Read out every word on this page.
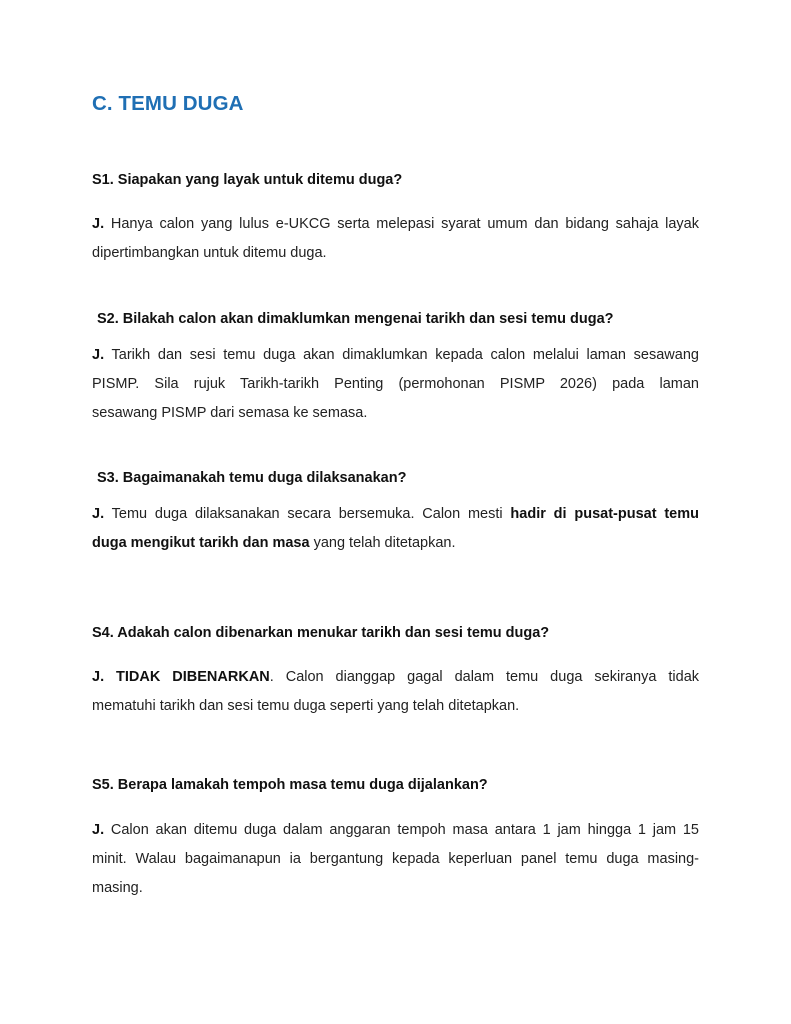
C. TEMU DUGA
S1. Siapakan yang layak untuk ditemu duga?
J. Hanya calon yang lulus e-UKCG serta melepasi syarat umum dan bidang sahaja layak
dipertimbangkan untuk ditemu duga.
S2. Bilakah calon akan dimaklumkan mengenai tarikh dan sesi temu duga?
J. Tarikh dan sesi temu duga akan dimaklumkan kepada calon melalui laman sesawang
PISMP. Sila rujuk Tarikh-tarikh Penting (permohonan PISMP 2026) pada laman
sesawang PISMP dari semasa ke semasa.
S3. Bagaimanakah temu duga dilaksanakan?
J. Temu duga dilaksanakan secara bersemuka. Calon mesti hadir di pusat-pusat temu
duga mengikut tarikh dan masa yang telah ditetapkan.
S4. Adakah calon dibenarkan menukar tarikh dan sesi temu duga?
J. TIDAK DIBENARKAN. Calon dianggap gagal dalam temu duga sekiranya tidak
mematuhi tarikh dan sesi temu duga seperti yang telah ditetapkan.
S5. Berapa lamakah tempoh masa temu duga dijalankan?
J. Calon akan ditemu duga dalam anggaran tempoh masa antara 1 jam hingga 1 jam 15
minit. Walau bagaimanapun ia bergantung kepada keperluan panel temu duga masing-
masing.
